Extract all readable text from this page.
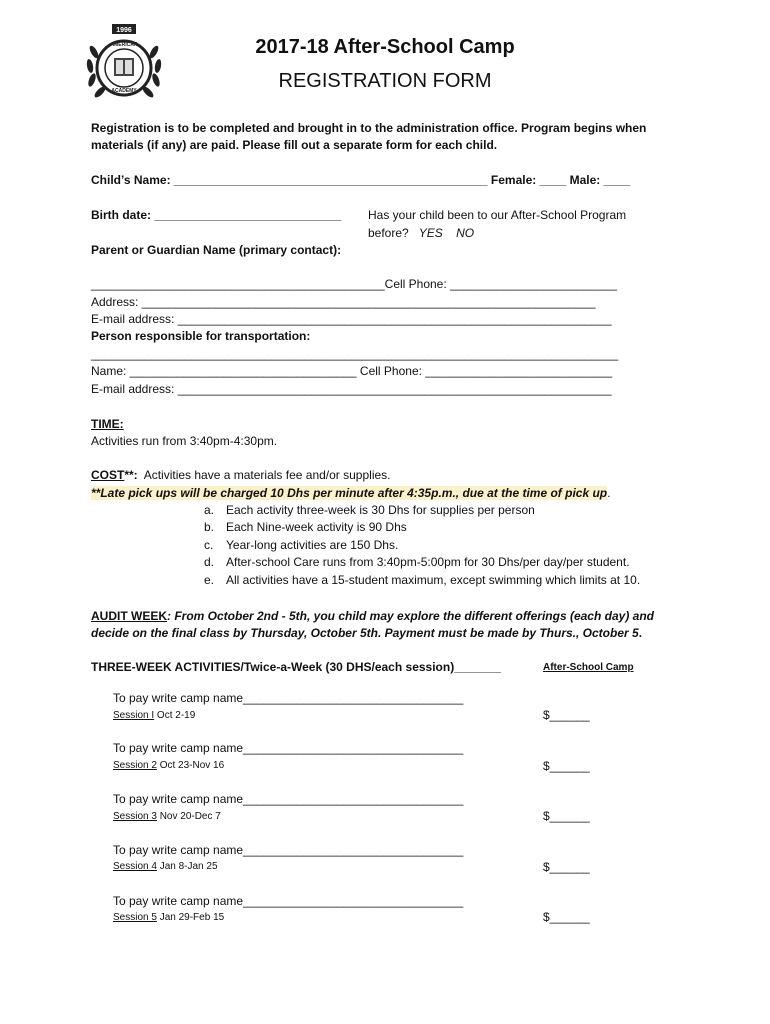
1996
AMERICAN
ACADEMY
2017-18 After-School Camp
REGISTRATION FORM
Registration is to be completed and brought in to the administration office. Program begins when materials (if any) are paid. Please fill out a separate form for each child.
Child’s Name: _______________________________________________ Female: ____ Male: ____
Birth date: ____________________________ Has your child been to our After-School Program
before? YES NO
Parent or Guardian Name (primary contact):
____________________________________________Cell Phone: _________________________
Address: ____________________________________________________________________
E-mail address: _________________________________________________________________
Person responsible for transportation:
_______________________________________________________________________________
Name: __________________________________ Cell Phone: ____________________________
E-mail address: _________________________________________________________________
TIME:
Activities run from 3:40pm-4:30pm.
COST**: Activities have a materials fee and/or supplies.
**Late pick ups will be charged 10 Dhs per minute after 4:35p.m., due at the time of pick up.
a. Each activity three-week is 30 Dhs for supplies per person
b. Each Nine-week activity is 90 Dhs
c. Year-long activities are 150 Dhs.
d. After-school Care runs from 3:40pm-5:00pm for 30 Dhs/per day/per student.
e. All activities have a 15-student maximum, except swimming which limits at 10.
AUDIT WEEK: From October 2nd - 5th, you child may explore the different offerings (each day) and decide on the final class by Thursday, October 5th. Payment must be made by Thurs., October 5.
THREE-WEEK ACTIVITIES/Twice-a-Week (30 DHS/each session)_______	After-School Camp
To pay write camp name_________________________________
Session I Oct 2-19	$______
To pay write camp name_________________________________
Session 2 Oct 23-Nov 16	$______
To pay write camp name_________________________________
Session 3 Nov 20-Dec 7	$______
To pay write camp name_________________________________
Session 4 Jan 8-Jan 25	$______
To pay write camp name_________________________________
Session 5 Jan 29-Feb 15	$______
